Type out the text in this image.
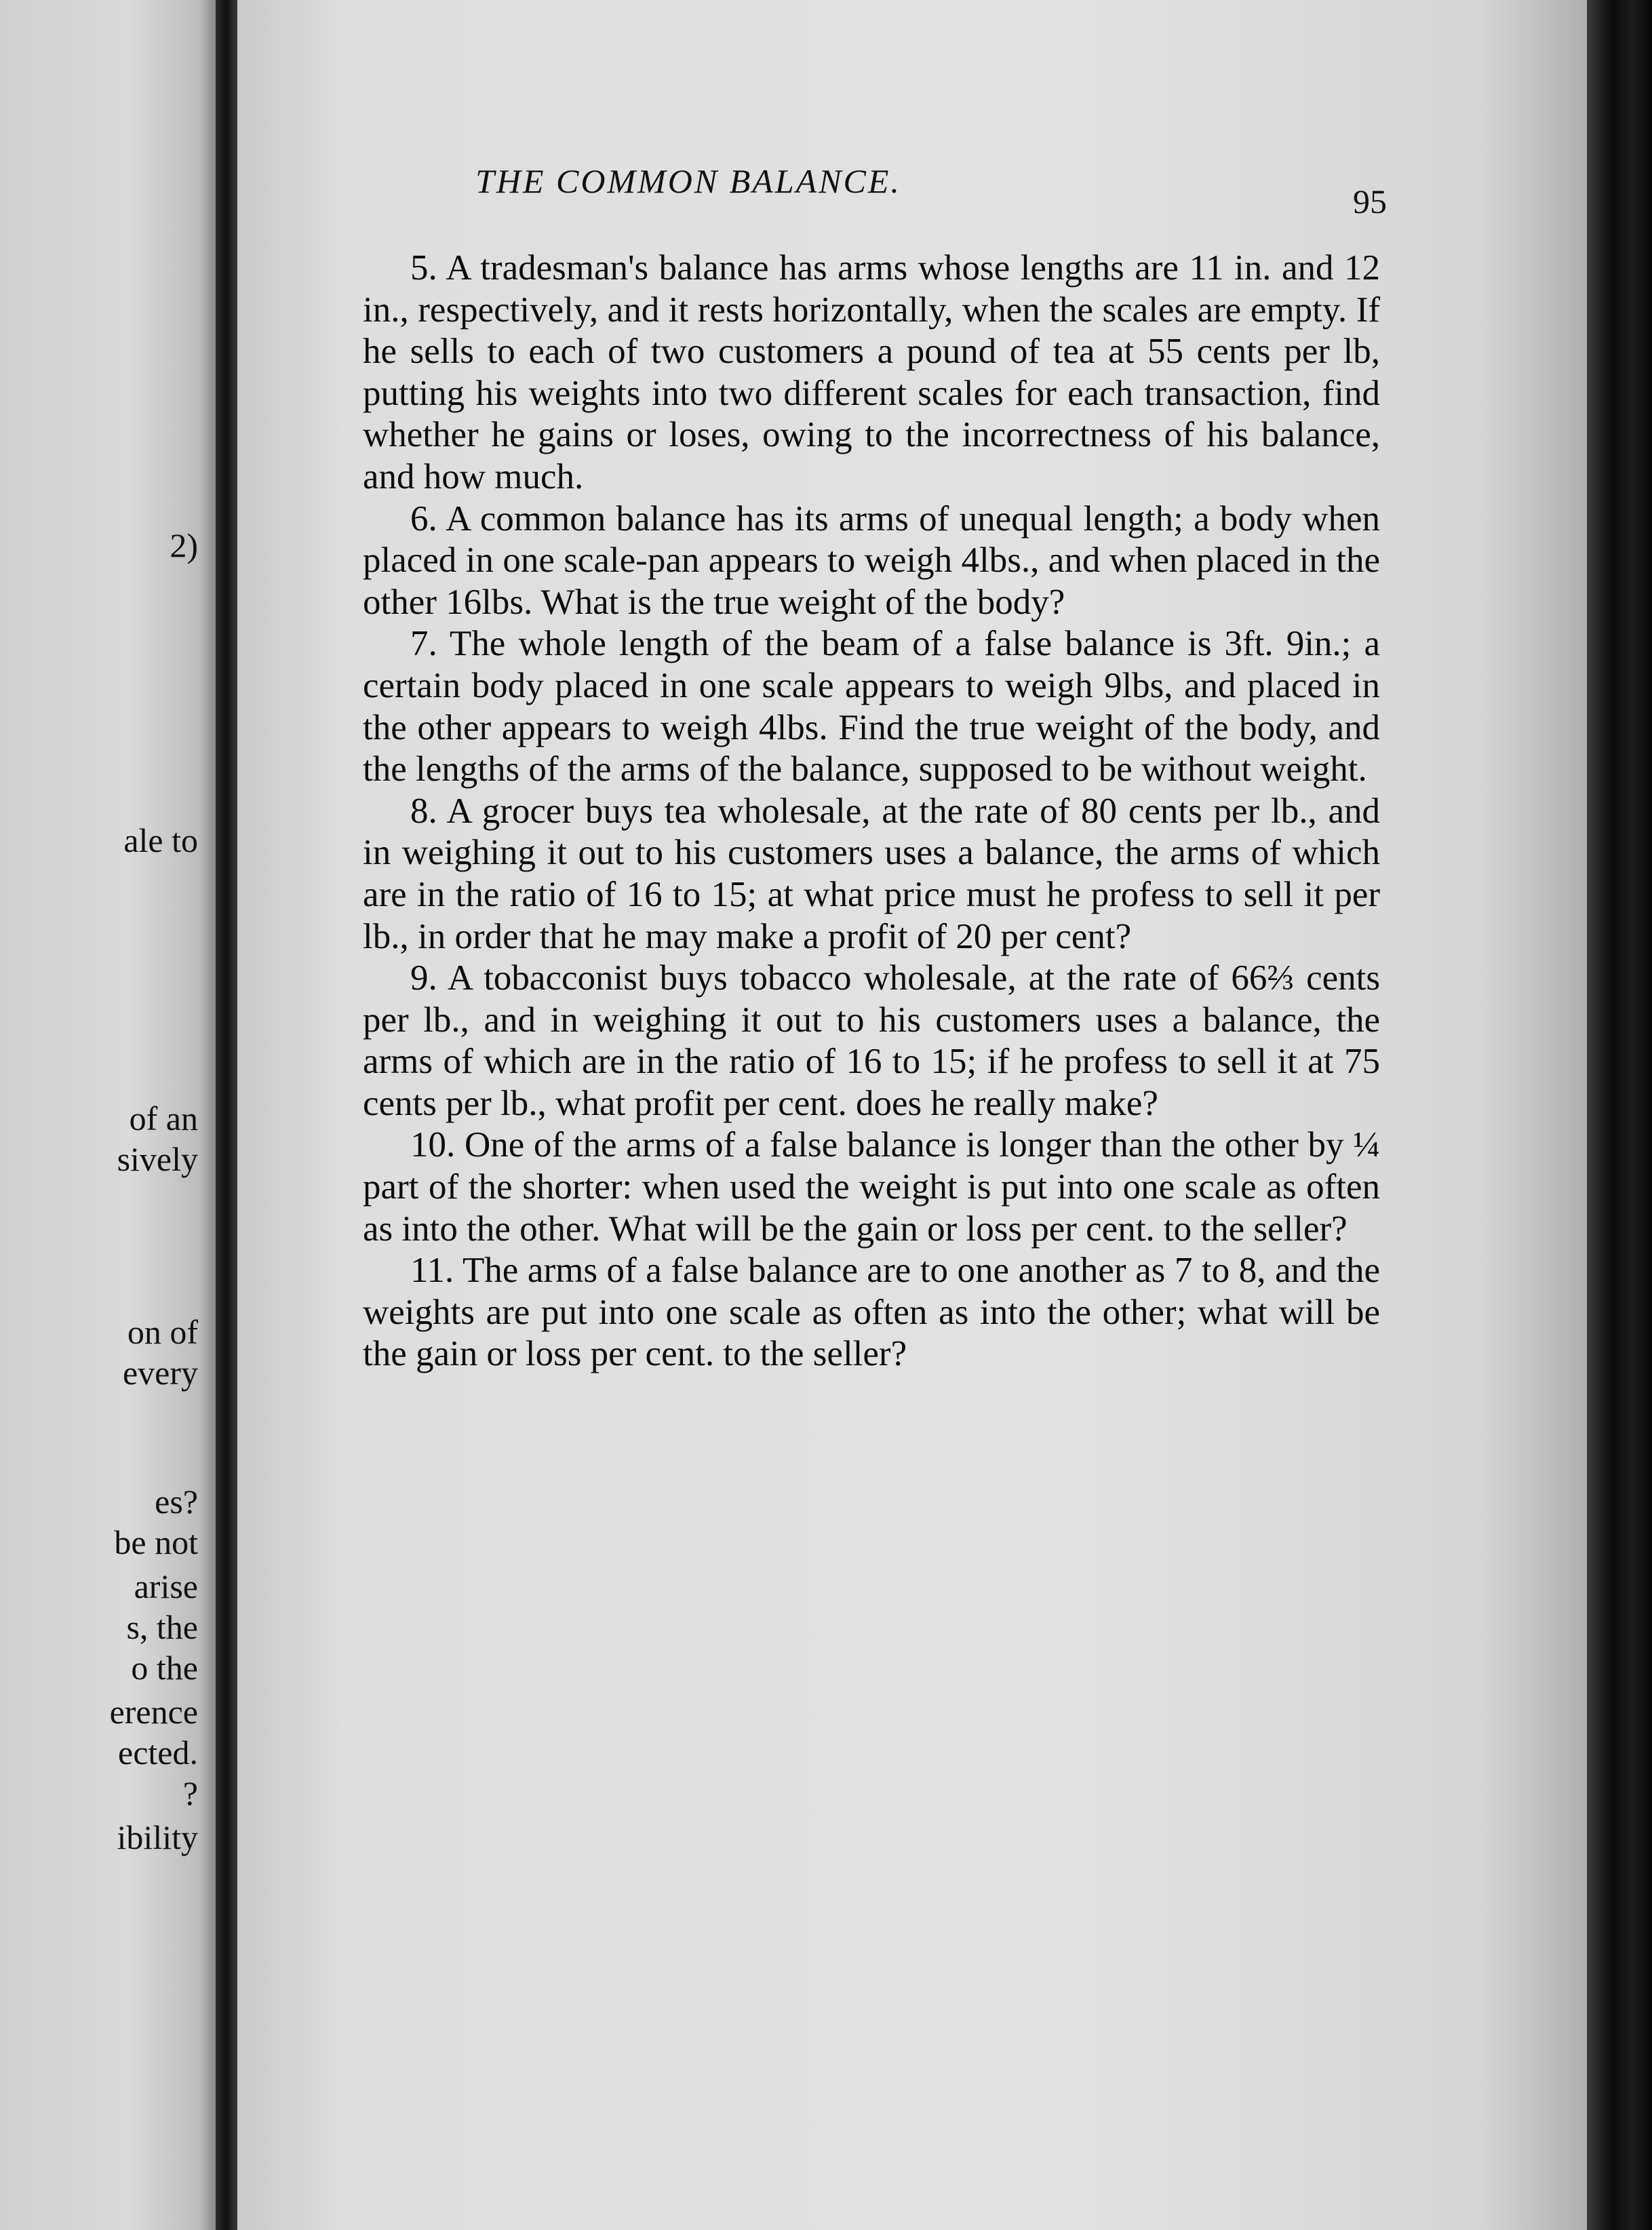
2)
ale to
of an
sively
on of
every
es?
be not
arise
s, the
o the
erence
ected.
?
ibility
THE COMMON BALANCE.
95

5. A tradesman's balance has arms whose lengths are 11 in. and 12 in., respectively, and it rests horizontally, when the scales are empty. If he sells to each of two customers a pound of tea at 55 cents per lb, putting his weights into two different scales for each transaction, find whether he gains or loses, owing to the incorrectness of his balance, and how much.

6. A common balance has its arms of unequal length; a body when placed in one scale-pan appears to weigh 4lbs., and when placed in the other 16lbs. What is the true weight of the body?

7. The whole length of the beam of a false balance is 3ft. 9in.; a certain body placed in one scale appears to weigh 9lbs, and placed in the other appears to weigh 4lbs. Find the true weight of the body, and the lengths of the arms of the balance, supposed to be without weight.

8. A grocer buys tea wholesale, at the rate of 80 cents per lb., and in weighing it out to his customers uses a balance, the arms of which are in the ratio of 16 to 15; at what price must he profess to sell it per lb., in order that he may make a profit of 20 per cent?

9. A tobacconist buys tobacco wholesale, at the rate of 66⅔ cents per lb., and in weighing it out to his customers uses a balance, the arms of which are in the ratio of 16 to 15; if he profess to sell it at 75 cents per lb., what profit per cent. does he really make?

10. One of the arms of a false balance is longer than the other by ¼ part of the shorter: when used the weight is put into one scale as often as into the other. What will be the gain or loss per cent. to the seller?

11. The arms of a false balance are to one another as 7 to 8, and the weights are put into one scale as often as into the other; what will be the gain or loss per cent. to the seller?
